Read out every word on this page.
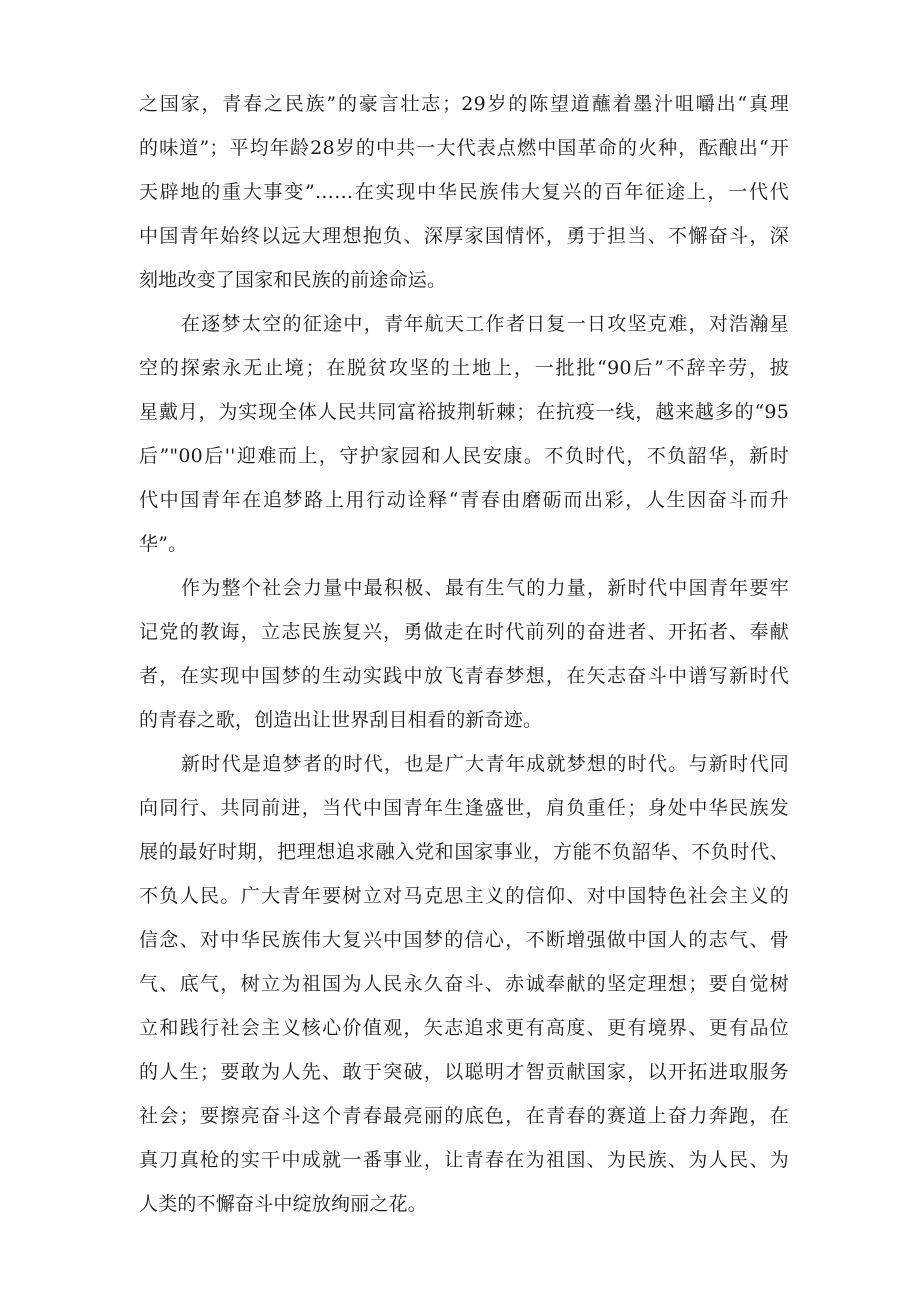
之国家，青春之民族”的豪言壮志；29岁的陈望道蘸着墨汁咀嚼出“真理
的味道”；平均年龄28岁的中共一大代表点燃中国革命的火种，酝酿出“开
天辟地的重大事变”……在实现中华民族伟大复兴的百年征途上，一代代
中国青年始终以远大理想抱负、深厚家国情怀，勇于担当、不懈奋斗，深
刻地改变了国家和民族的前途命运。
在逐梦太空的征途中，青年航天工作者日复一日攻坚克难，对浩瀚星
空的探索永无止境；在脱贫攻坚的土地上，一批批“90后”不辞辛劳，披
星戴月，为实现全体人民共同富裕披荆斩棘；在抗疫一线，越来越多的“95
后”"00后''迎难而上，守护家园和人民安康。不负时代，不负韶华，新时
代中国青年在追梦路上用行动诠释“青春由磨砺而出彩，人生因奋斗而升
华”。
作为整个社会力量中最积极、最有生气的力量，新时代中国青年要牢
记党的教诲，立志民族复兴，勇做走在时代前列的奋进者、开拓者、奉献
者，在实现中国梦的生动实践中放飞青春梦想，在矢志奋斗中谱写新时代
的青春之歌，创造出让世界刮目相看的新奇迹。
新时代是追梦者的时代，也是广大青年成就梦想的时代。与新时代同
向同行、共同前进，当代中国青年生逢盛世，肩负重任；身处中华民族发
展的最好时期，把理想追求融入党和国家事业，方能不负韶华、不负时代、
不负人民。广大青年要树立对马克思主义的信仰、对中国特色社会主义的
信念、对中华民族伟大复兴中国梦的信心，不断增强做中国人的志气、骨
气、底气，树立为祖国为人民永久奋斗、赤诚奉献的坚定理想；要自觉树
立和践行社会主义核心价值观，矢志追求更有高度、更有境界、更有品位
的人生；要敢为人先、敢于突破，以聪明才智贡献国家，以开拓进取服务
社会；要擦亮奋斗这个青春最亮丽的底色，在青春的赛道上奋力奔跑，在
真刀真枪的实干中成就一番事业，让青春在为祖国、为民族、为人民、为
人类的不懈奋斗中绽放绚丽之花。
